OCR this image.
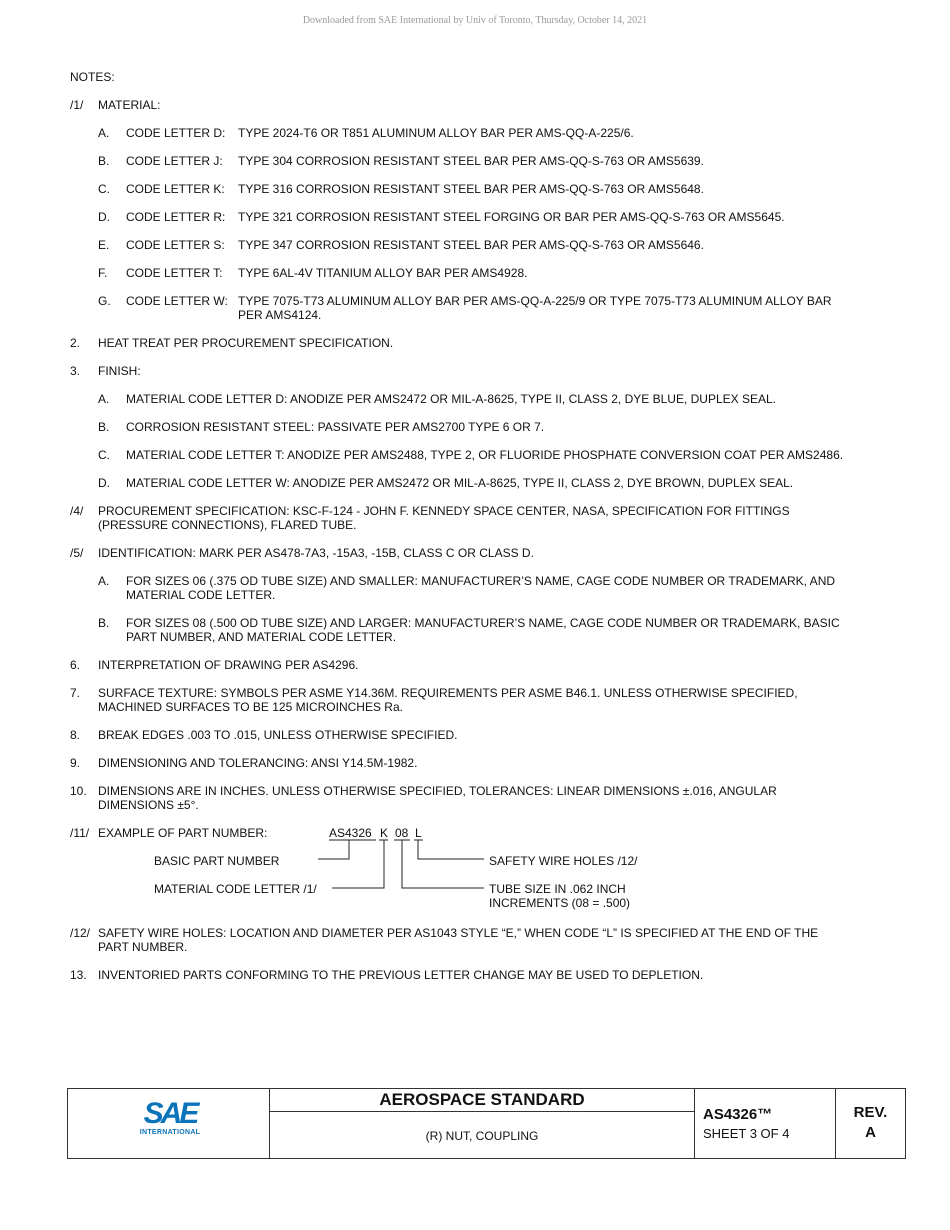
Downloaded from SAE International by Univ of Toronto, Thursday, October 14, 2021
NOTES:
/1/ MATERIAL:
A. CODE LETTER D: TYPE 2024-T6 OR T851 ALUMINUM ALLOY BAR PER AMS-QQ-A-225/6.
B. CODE LETTER J: TYPE 304 CORROSION RESISTANT STEEL BAR PER AMS-QQ-S-763 OR AMS5639.
C. CODE LETTER K: TYPE 316 CORROSION RESISTANT STEEL BAR PER AMS-QQ-S-763 OR AMS5648.
D. CODE LETTER R: TYPE 321 CORROSION RESISTANT STEEL FORGING OR BAR PER AMS-QQ-S-763 OR AMS5645.
E. CODE LETTER S: TYPE 347 CORROSION RESISTANT STEEL BAR PER AMS-QQ-S-763 OR AMS5646.
F. CODE LETTER T: TYPE 6AL-4V TITANIUM ALLOY BAR PER AMS4928.
G. CODE LETTER W: TYPE 7075-T73 ALUMINUM ALLOY BAR PER AMS-QQ-A-225/9 OR TYPE 7075-T73 ALUMINUM ALLOY BAR PER AMS4124.
2. HEAT TREAT PER PROCUREMENT SPECIFICATION.
3. FINISH:
A. MATERIAL CODE LETTER D: ANODIZE PER AMS2472 OR MIL-A-8625, TYPE II, CLASS 2, DYE BLUE, DUPLEX SEAL.
B. CORROSION RESISTANT STEEL: PASSIVATE PER AMS2700 TYPE 6 OR 7.
C. MATERIAL CODE LETTER T: ANODIZE PER AMS2488, TYPE 2, OR FLUORIDE PHOSPHATE CONVERSION COAT PER AMS2486.
D. MATERIAL CODE LETTER W: ANODIZE PER AMS2472 OR MIL-A-8625, TYPE II, CLASS 2, DYE BROWN, DUPLEX SEAL.
/4/ PROCUREMENT SPECIFICATION: KSC-F-124 - JOHN F. KENNEDY SPACE CENTER, NASA, SPECIFICATION FOR FITTINGS (PRESSURE CONNECTIONS), FLARED TUBE.
/5/ IDENTIFICATION: MARK PER AS478-7A3, -15A3, -15B, CLASS C OR CLASS D.
A. FOR SIZES 06 (.375 OD TUBE SIZE) AND SMALLER: MANUFACTURER’S NAME, CAGE CODE NUMBER OR TRADEMARK, AND MATERIAL CODE LETTER.
B. FOR SIZES 08 (.500 OD TUBE SIZE) AND LARGER: MANUFACTURER’S NAME, CAGE CODE NUMBER OR TRADEMARK, BASIC PART NUMBER, AND MATERIAL CODE LETTER.
6. INTERPRETATION OF DRAWING PER AS4296.
7. SURFACE TEXTURE: SYMBOLS PER ASME Y14.36M. REQUIREMENTS PER ASME B46.1. UNLESS OTHERWISE SPECIFIED, MACHINED SURFACES TO BE 125 MICROINCHES Ra.
8. BREAK EDGES .003 TO .015, UNLESS OTHERWISE SPECIFIED.
9. DIMENSIONING AND TOLERANCING: ANSI Y14.5M-1982.
10. DIMENSIONS ARE IN INCHES. UNLESS OTHERWISE SPECIFIED, TOLERANCES: LINEAR DIMENSIONS ±.016, ANGULAR DIMENSIONS ±5°.
/11/ EXAMPLE OF PART NUMBER:	AS4326 K 08 L
BASIC PART NUMBER
MATERIAL CODE LETTER /1/
SAFETY WIRE HOLES /12/
TUBE SIZE IN .062 INCH
INCREMENTS (08 = .500)
/12/ SAFETY WIRE HOLES: LOCATION AND DIAMETER PER AS1043 STYLE “E,” WHEN CODE “L” IS SPECIFIED AT THE END OF THE PART NUMBER.
13. INVENTORIED PARTS CONFORMING TO THE PREVIOUS LETTER CHANGE MAY BE USED TO DEPLETION.
SAE
INTERNATIONAL
AEROSPACE STANDARD
(R) NUT, COUPLING
AS4326™
SHEET 3 OF 4
REV.
A
